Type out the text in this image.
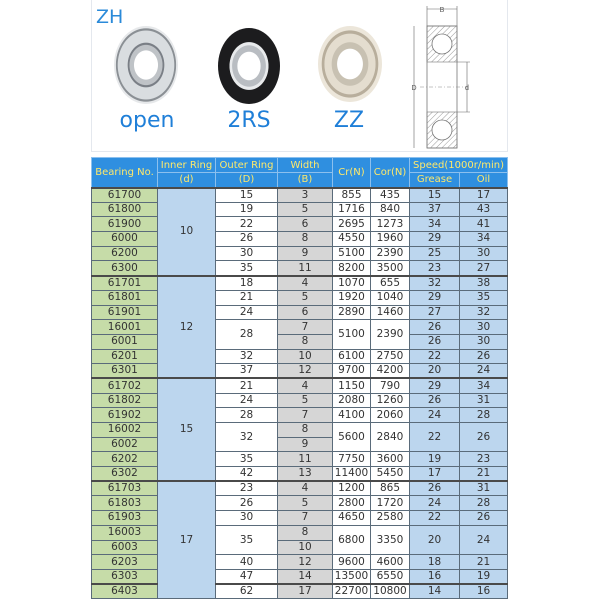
ZH
open	2RS	ZZ
B
D	d
Bearing No.	Inner Ring	Outer Ring	Width	Cr(N)	Cor(N)	Speed(1000r/min)	
	(d)	(D)	(B)			Grease	Oil
61700	10	15	3	855	435	15	17
61800		19	5	1716	840	37	43
61900		22	6	2695	1273	34	41
6000		26	8	4550	1960	29	34
6200		30	9	5100	2390	25	30
6300		35	11	8200	3500	23	27
61701	12	18	4	1070	655	32	38
61801		21	5	1920	1040	29	35
61901		24	6	2890	1460	27	32
16001		28	7	5100	2390	26	30
6001			8			26	30
6201		32	10	6100	2750	22	26
6301		37	12	9700	4200	20	24
61702	15	21	4	1150	790	29	34
61802		24	5	2080	1260	26	31
61902		28	7	4100	2060	24	28
16002		32	8	5600	2840	22	26
6002			9				
6202		35	11	7750	3600	19	23
6302		42	13	11400	5450	17	21
61703	17	23	4	1200	865	26	31
61803		26	5	2800	1720	24	28
61903		30	7	4650	2580	22	26
16003		35	8	6800	3350	20	24
6003			10				
6203		40	12	9600	4600	18	21
6303		47	14	13500	6550	16	19
6403		62	17	22700	10800	14	16
